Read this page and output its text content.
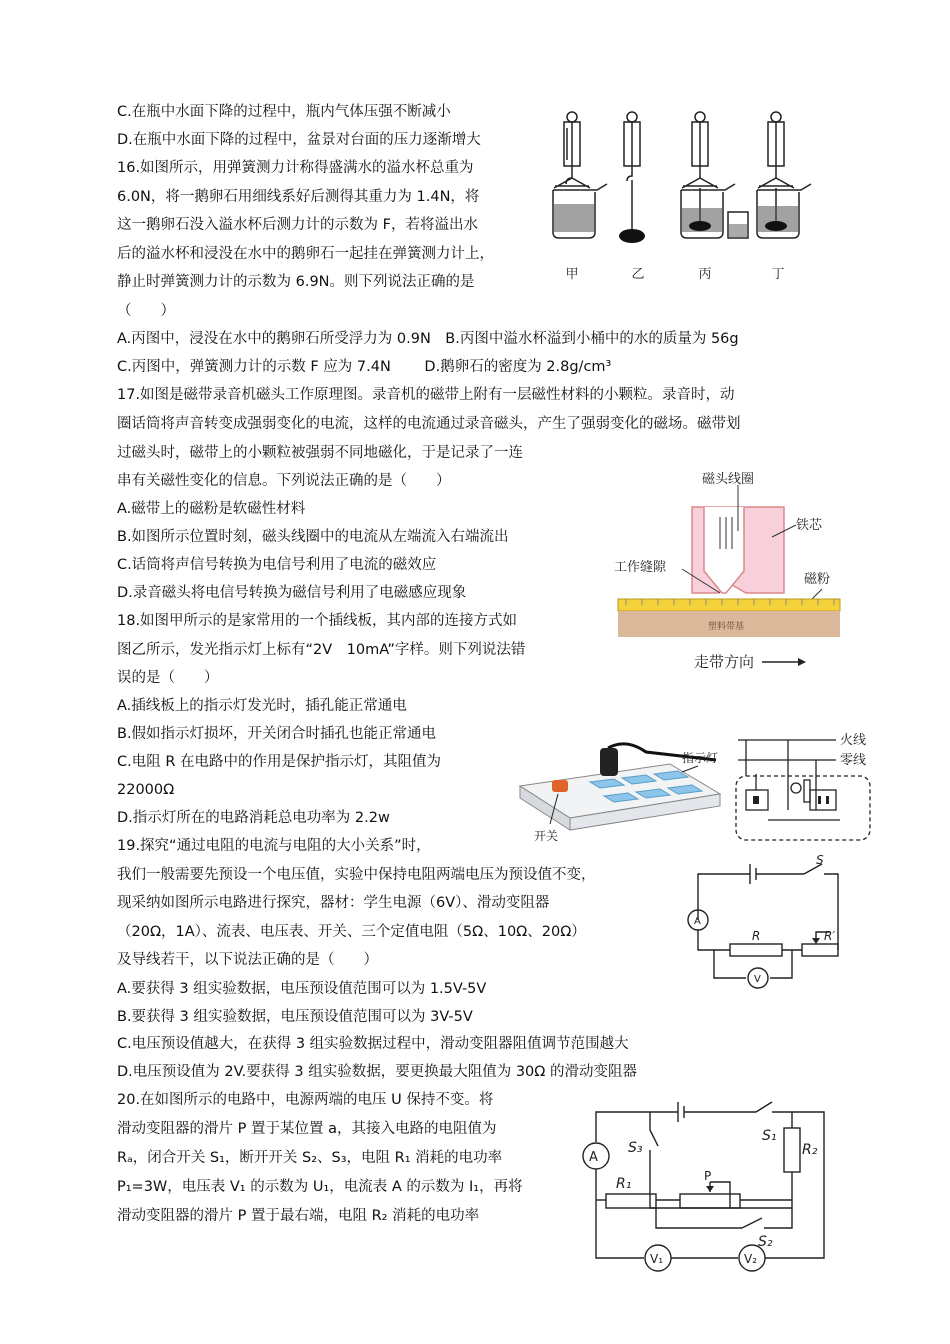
C.在瓶中水面下降的过程中，瓶内气体压强不断减小
D.在瓶中水面下降的过程中，盆景对台面的压力逐渐增大
16.如图所示，用弹簧测力计称得盛满水的溢水杯总重为
6.0N，将一鹅卵石用细线系好后测得其重力为 1.4N，将
这一鹅卵石没入溢水杯后测力计的示数为 F，若将溢出水
后的溢水杯和浸没在水中的鹅卵石一起挂在弹簧测力计上，
静止时弹簧测力计的示数为 6.9N。则下列说法正确的是
（　　）
A.丙图中，浸没在水中的鹅卵石所受浮力为 0.9N　B.丙图中溢水杯溢到小桶中的水的质量为 56g
C.丙图中，弹簧测力计的示数 F 应为 7.4N　　 D.鹅卵石的密度为 2.8g/cm³
甲	乙	丙	丁
17.如图是磁带录音机磁头工作原理图。录音机的磁带上附有一层磁性材料的小颗粒。录音时，动
圈话筒将声音转变成强弱变化的电流，这样的电流通过录音磁头，产生了强弱变化的磁场。磁带划
过磁头时，磁带上的小颗粒被强弱不同地磁化，于是记录了一连
串有关磁性变化的信息。下列说法正确的是（　　）
A.磁带上的磁粉是软磁性材料
B.如图所示位置时刻，磁头线圈中的电流从左端流入右端流出
C.话筒将声信号转换为电信号利用了电流的磁效应
D.录音磁头将电信号转换为磁信号利用了电磁感应现象
磁头线圈
铁芯
工作缝隙
磁粉
塑料带基
走带方向
18.如图甲所示的是家常用的一个插线板，其内部的连接方式如
图乙所示，发光指示灯上标有“2V　10mA”字样。则下列说法错
误的是（　　）
A.插线板上的指示灯发光时，插孔能正常通电
B.假如指示灯损坏，开关闭合时插孔也能正常通电
C.电阻 R 在电路中的作用是保护指示灯，其阻值为
22000Ω
D.指示灯所在的电路消耗总电功率为 2.2w
指示灯
开关
火线
零线
19.探究“通过电阻的电流与电阻的大小关系”时，
我们一般需要先预设一个电压值，实验中保持电阻两端电压为预设值不变，
现采纳如图所示电路进行探究，器材：学生电源（6V）、滑动变阻器
（20Ω，1A）、流表、电压表、开关、三个定值电阻（5Ω、10Ω、20Ω）
及导线若干，以下说法正确的是（　　）
A.要获得 3 组实验数据，电压预设值范围可以为 1.5V-5V
B.要获得 3 组实验数据，电压预设值范围可以为 3V-5V
C.电压预设值越大，在获得 3 组实验数据过程中，滑动变阻器阻值调节范围越大
D.电压预设值为 2V.要获得 3 组实验数据，要更换最大阻值为 30Ω 的滑动变阻器
S
A
R	R′
V
20.在如图所示的电路中，电源两端的电压 U 保持不变。将
滑动变阻器的滑片 P 置于某位置 a，其接入电路的电阻值为
Rₐ，闭合开关 S₁，断开开关 S₂、S₃，电阻 R₁ 消耗的电功率
P₁=3W，电压表 V₁ 的示数为 U₁，电流表 A 的示数为 I₁，再将
滑动变阻器的滑片 P 置于最右端，电阻 R₂ 消耗的电功率
A
S₃
S₁
R₂
R₁	P
S₂
V₁	V₂
